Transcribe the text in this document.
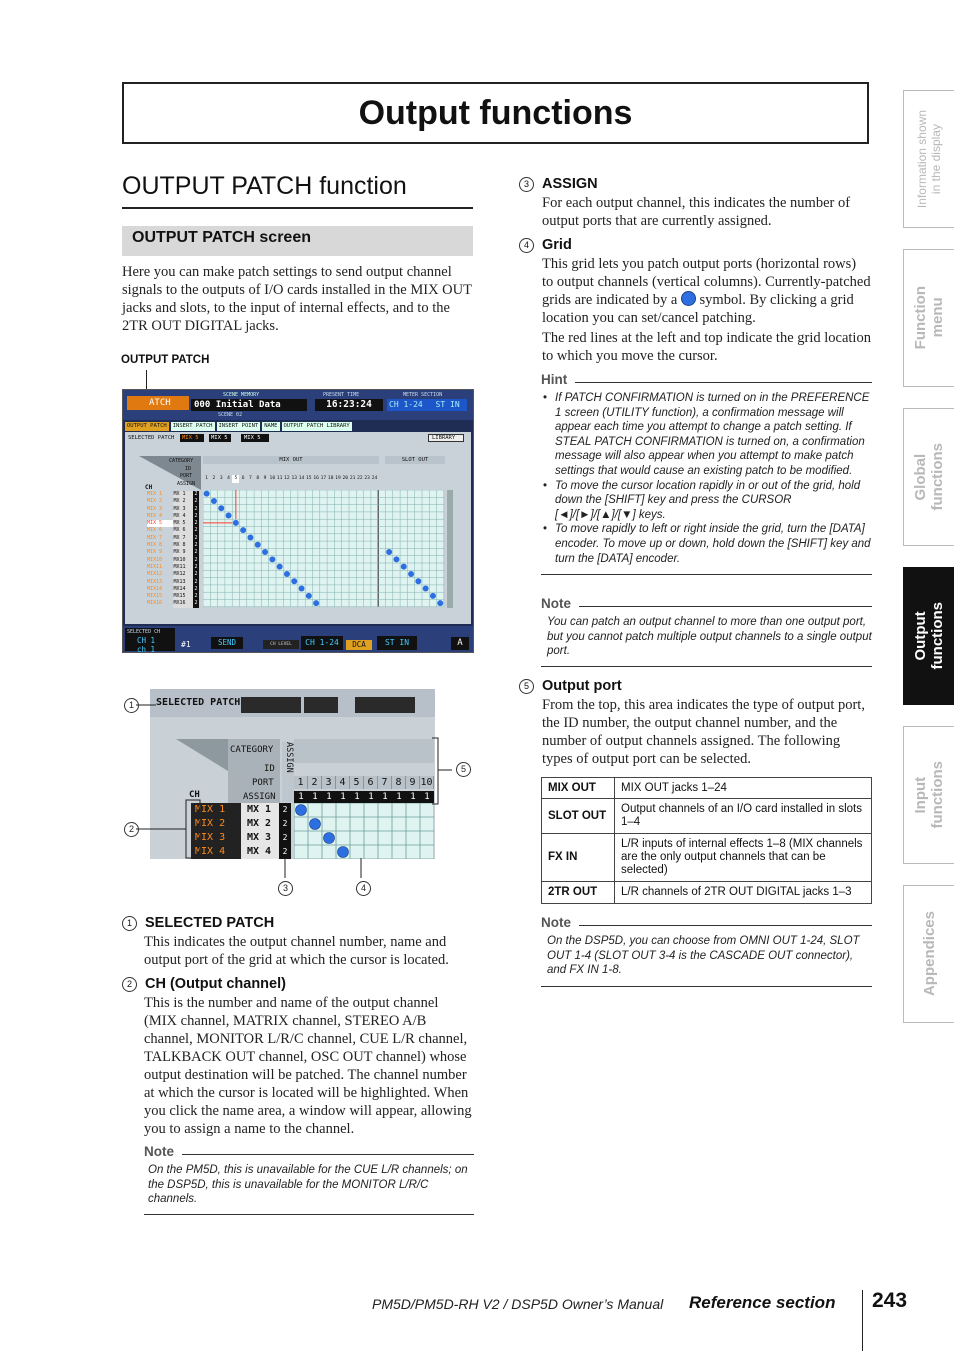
Output functions
Information shown
in the display
Function
menu
Global
functions
Output
functions
Input
functions
Appendices
OUTPUT PATCH function
OUTPUT PATCH screen
Here you can make patch settings to send output channel signals to the outputs of I/O cards installed in the MIX OUT jacks and slots, to the input of internal effects, and to the 2TR OUT DIGITAL jacks.
OUTPUT PATCH
ATCH
SCENE MEMORY
000 Initial Data
SCENE 02
PRESENT TIME
16:23:24
METER SECTION
CH 1-24 ST IN
OUTPUT PATCH	INSERT PATCH	INSERT POINT	NAME	OUTPUT PATCH LIBRARY
SELECTED PATCH	MIX 5	MIX 5	MIX 5	LIBRARY
CATEGORY
ID
PORT
ASSIGN
CH
MIX OUT	SLOT OUT
1 2 3 4 5 6 7 8 9 10 11 12 13 14 15 16 17 18 19 20 21 22 23 24
MIX 1	MX 1	2
MIX 2	MX 2	2
MIX 3	MX 3	2
MIX 4	MX 4	2
MIX 5	MX 5	2
MIX 6	MX 6	2
MIX 7	MX 7	2
MIX 8	MX 8	2
MIX 9	MX 9	2
MIX10	MX10	2
MIX11	MX11	2
MIX12	MX12	2
MIX13	MX13	2
MIX14	MX14	2
MIX15	MX15	2
MIX16	MX16	2
SELECTED CH
CH 1
ch 1
#1	SEND	CH LEVEL	CH 1-24	DCA	ST IN	A
SELECTED PATCH
CATEGORY
ID
PORT
ASSIGN
ASSIGN
CH
1 2 3 4 5 6 7 8 9 10
1 1 1 1 1 1 1 1 1 1
MIX 1	MX 1	2
MIX 2	MX 2	2
MIX 3	MX 3	2
MIX 4	MX 4	2
1
2
3	4
5
1 SELECTED PATCH
This indicates the output channel number, name and output port of the grid at which the cursor is located.
2 CH (Output channel)
This is the number and name of the output channel (MIX channel, MATRIX channel, STEREO A/B channel, MONITOR L/R/C channel, CUE L/R channel, TALKBACK OUT channel, OSC OUT channel) whose output destination will be patched. The channel number at which the cursor is located will be highlighted. When you click the name area, a window will appear, allowing you to assign a name to the channel.
Note
On the PM5D, this is unavailable for the CUE L/R channels; on the DSP5D, this is unavailable for the MONITOR L/R/C channels.
3 ASSIGN
For each output channel, this indicates the number of output ports that are currently assigned.
4 Grid
This grid lets you patch output ports (horizontal rows) to output channels (vertical columns). Currently-patched grids are indicated by a symbol. By clicking a grid location you can set/cancel patching.
The red lines at the left and top indicate the grid location to which you move the cursor.
Hint
• If PATCH CONFIRMATION is turned on in the PREFERENCE 1 screen (UTILITY function), a confirmation message will appear each time you attempt to change a patch setting. If STEAL PATCH CONFIRMATION is turned on, a confirmation message will also appear when you attempt to make patch settings that would cause an existing patch to be modified.
• To move the cursor location rapidly in or out of the grid, hold down the [SHIFT] key and press the CURSOR [◄]/[►]/[▲]/[▼] keys.
• To move rapidly to left or right inside the grid, turn the [DATA] encoder. To move up or down, hold down the [SHIFT] key and turn the [DATA] encoder.
Note
You can patch an output channel to more than one output port, but you cannot patch multiple output channels to a single output port.
5 Output port
From the top, this area indicates the type of output port, the ID number, the output channel number, and the number of output channels assigned. The following types of output port can be selected.
MIX OUT	MIX OUT jacks 1–24
SLOT OUT	Output channels of an I/O card installed in slots 1–4
FX IN	L/R inputs of internal effects 1–8 (MIX channels are the only output channels that can be selected)
2TR OUT	L/R channels of 2TR OUT DIGITAL jacks 1–3
Note
On the DSP5D, you can choose from OMNI OUT 1-24, SLOT OUT 1-4 (SLOT OUT 3-4 is the CASCADE OUT connector), and FX IN 1-8.
PM5D/PM5D-RH V2 / DSP5D Owner’s Manual Reference section 243
